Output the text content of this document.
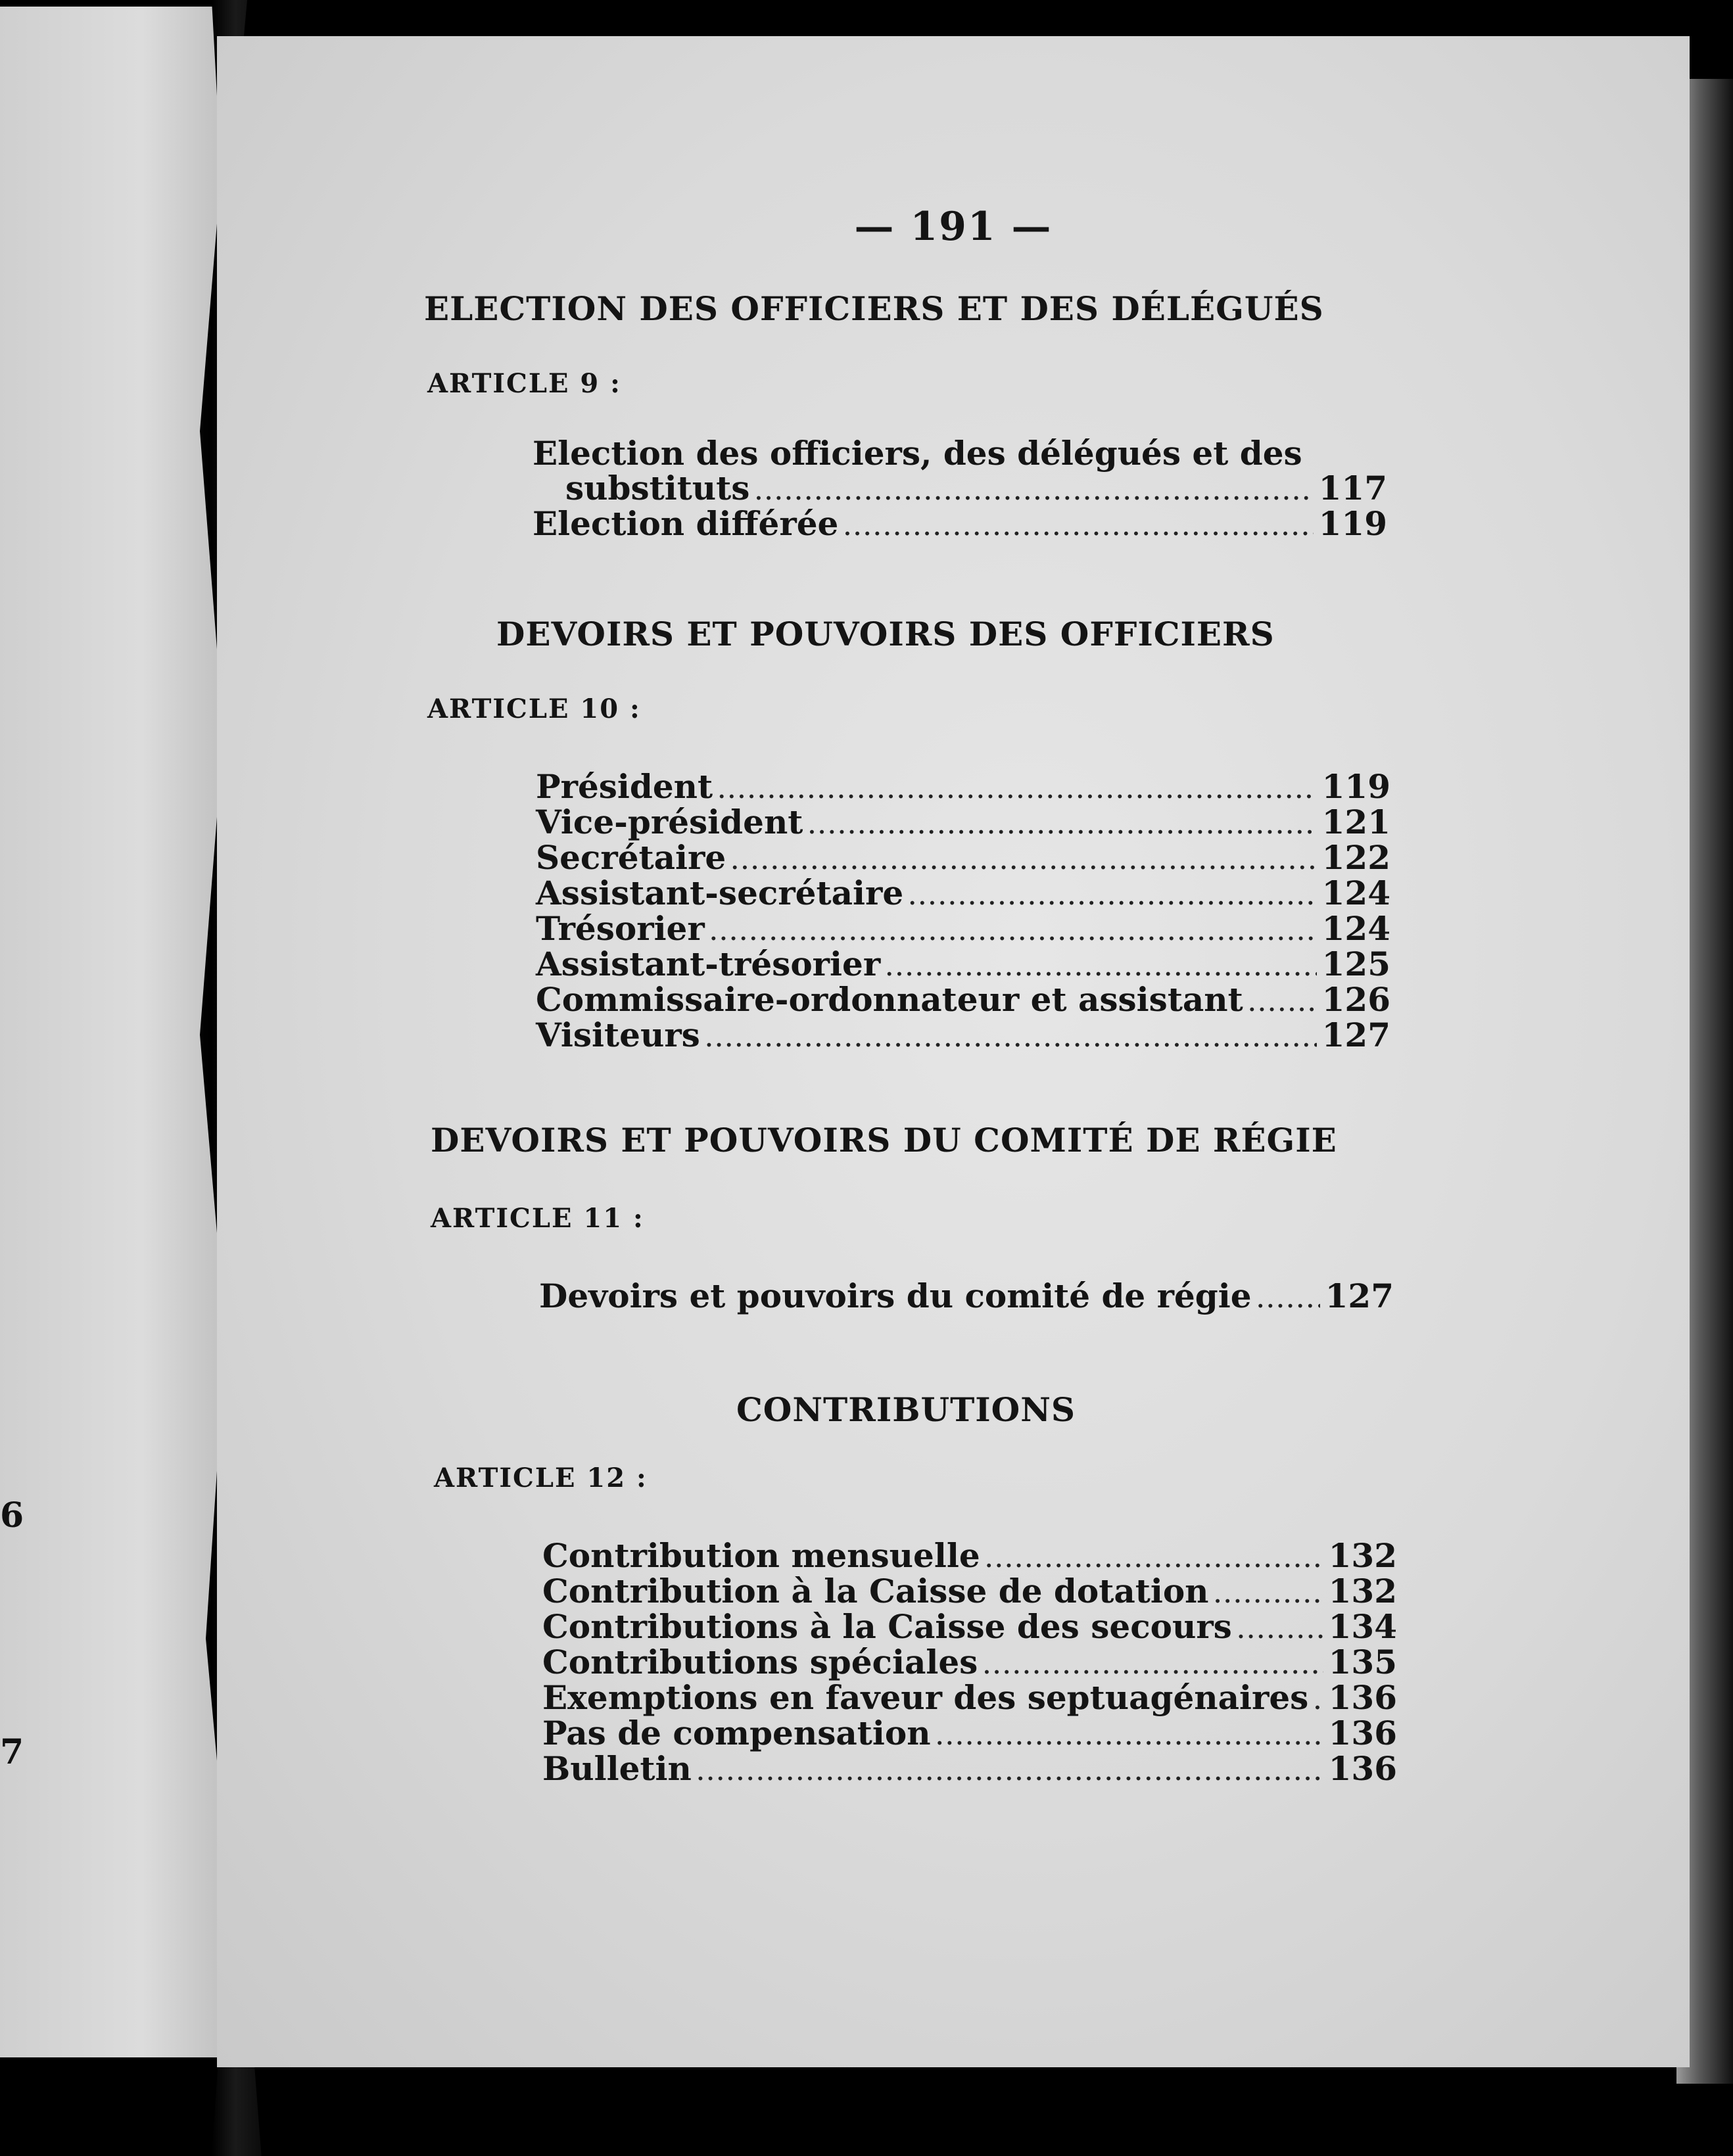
6
7
— 191 —
ELECTION DES OFFICIERS ET DES DÉLÉGUÉS
ARTICLE 9 :
Election des officiers, des délégués et des
substituts .....	117
Election différée .....	119
DEVOIRS ET POUVOIRS DES OFFICIERS
ARTICLE 10 :
Président .....	119
Vice-président .....	121
Secrétaire .....	122
Assistant-secrétaire .....	124
Trésorier .....	124
Assistant-trésorier .....	125
Commissaire-ordonnateur et assistant ..... 126
Visiteurs .....	127
DEVOIRS ET POUVOIRS DU COMITÉ DE RÉGIE
ARTICLE 11 :
Devoirs et pouvoirs du comité de régie ..... 127
CONTRIBUTIONS
ARTICLE 12 :
Contribution mensuelle .....	132
Contribution à la Caisse de dotation .....	132
Contributions à la Caisse des secours .....	134
Contributions spéciales .....	135
Exemptions en faveur des septuagénaires ..... 136
Pas de compensation .....	136
Bulletin .....	136
